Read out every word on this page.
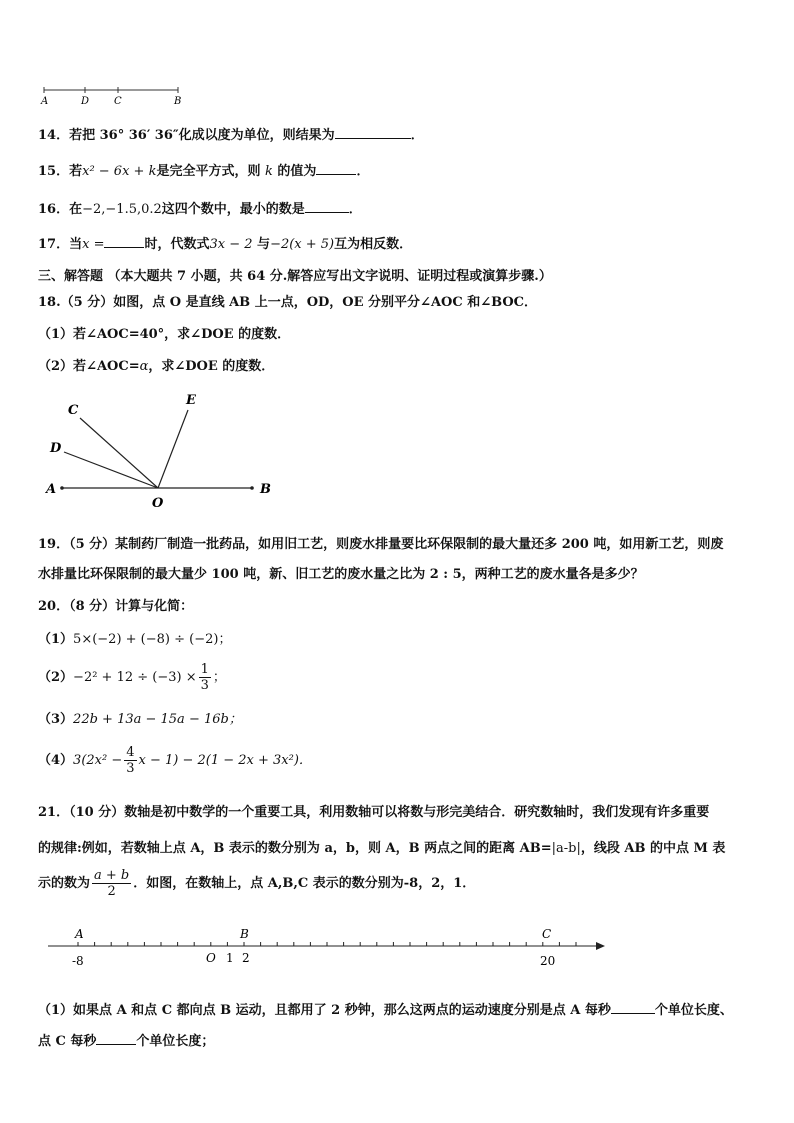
A	D C	B
14．若把 36° 36′ 36″化成以度为单位，则结果为	．
15．若x² − 6x + k是完全平方式，则 k 的值为	．
16．在−2,−1.5,0.2这四个数中，最小的数是	．
17．当x =	时，代数式3x − 2 与−2(x + 5)互为相反数．
三、解答题 （本大题共 7 小题，共 64 分.解答应写出文字说明、证明过程或演算步骤.）
18.（5 分）如图，点 O 是直线 AB 上一点，OD，OE 分别平分∠AOC 和∠BOC．
（1）若∠AOC=40°，求∠DOE 的度数．
（2）若∠AOC=α，求∠DOE 的度数．
C
E
D
A
O
B
19．（5 分）某制药厂制造一批药品，如用旧工艺，则废水排量要比环保限制的最大量还多 200 吨，如用新工艺，则废
水排量比环保限制的最大量少 100 吨，新、旧工艺的废水量之比为 2 : 5，两种工艺的废水量各是多少？
20．（8 分）计算与化简：
（1）5×(−2) + (−8) ÷ (−2)；
$(2)-2^2 + 12 \div (-3) \times \frac{1}{3}$ ；
（3）22b + 13a − 15a − 16b；
$(4)3(2x^2 - \frac{4}{3}$ x − 1) − 2(1 − 2x + 3x²)．
21．（10 分）数轴是初中数学的一个重要工具，利用数轴可以将数与形完美结合．研究数轴时，我们发现有许多重要
的规律:例如，若数轴上点 A，B 表示的数分别为 a，b，则 A，B 两点之间的距离 AB=|a-b|，线段 AB 的中点 M 表
示的数为 $\frac{a + b}{2}$ ．如图，在数轴上，点 A,B,C 表示的数分别为-8，2，1．
A	B	C
O
-8	1 2	20
（1）如果点 A 和点 C 都向点 B 运动，且都用了 2 秒钟，那么这两点的运动速度分别是点 A 每秒	个单位长度、
点 C 每秒	个单位长度；
